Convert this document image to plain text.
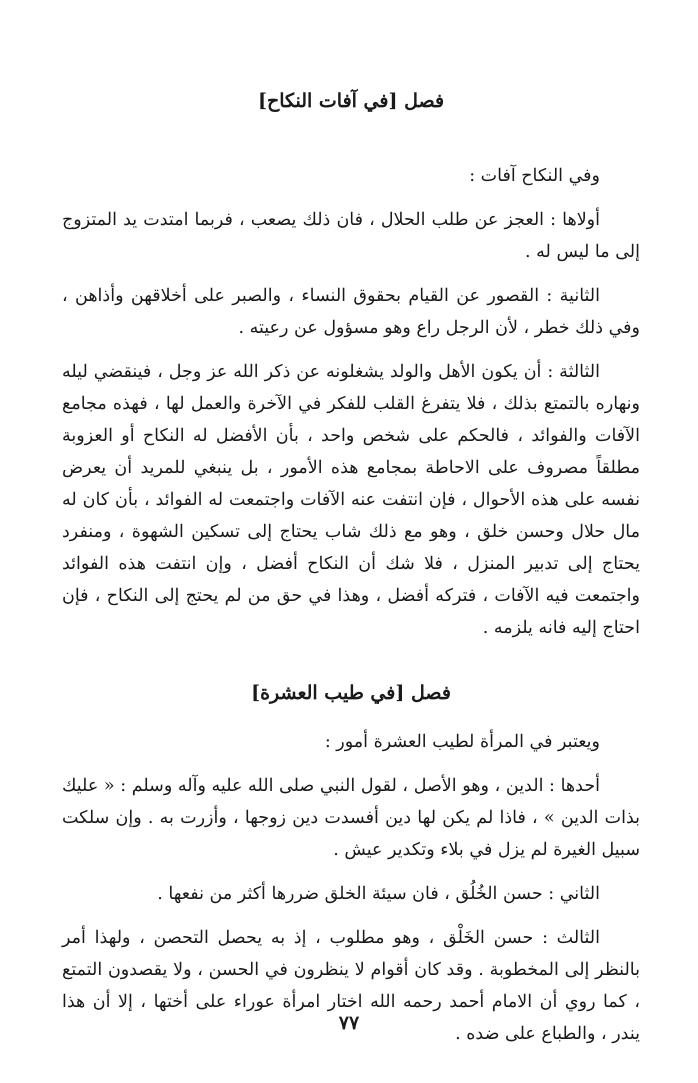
فصل [في آفات النكاح]

وفي النكاح آفات :

أولاها : العجز عن طلب الحلال ، فان ذلك يصعب ، فربما امتدت يد المتزوج إلى ما ليس له .

الثانية : القصور عن القيام بحقوق النساء ، والصبر على أخلاقهن وأذاهن ، وفي ذلك خطر ، لأن الرجل راع وهو مسؤول عن رعيته .

الثالثة : أن يكون الأهل والولد يشغلونه عن ذكر الله عز وجل ، فينقضي ليله ونهاره بالتمتع بذلك ، فلا يتفرغ القلب للفكر في الآخرة والعمل لها ، فهذه مجامع الآفات والفوائد ، فالحكم على شخص واحد ، بأن الأفضل له النكاح أو العزوبة مطلقاً مصروف على الاحاطة بمجامع هذه الأمور ، بل ينبغي للمريد أن يعرض نفسه على هذه الأحوال ، فإن انتفت عنه الآفات واجتمعت له الفوائد ، بأن كان له مال حلال وحسن خلق ، وهو مع ذلك شاب يحتاج إلى تسكين الشهوة ، ومنفرد يحتاج إلى تدبير المنزل ، فلا شك أن النكاح أفضل ، وإن انتفت هذه الفوائد واجتمعت فيه الآفات ، فتركه أفضل ، وهذا في حق من لم يحتج إلى النكاح ، فإن احتاج إليه فانه يلزمه .

فصل [في طيب العشرة]

ويعتبر في المرأة لطيب العشرة أمور :

أحدها : الدين ، وهو الأصل ، لقول النبي صلى الله عليه وآله وسلم : « عليك بذات الدين » ، فاذا لم يكن لها دين أفسدت دين زوجها ، وأزرت به . وإن سلكت سبيل الغيرة لم يزل في بلاء وتكدير عيش .

الثاني : حسن الخُلُق ، فان سيئة الخلق ضررها أكثر من نفعها .

الثالث : حسن الخَلْق ، وهو مطلوب ، إذ به يحصل التحصن ، ولهذا أمر بالنظر إلى المخطوبة . وقد كان أقوام لا ينظرون في الحسن ، ولا يقصدون التمتع ، كما روي أن الامام أحمد رحمه الله اختار امرأة عوراء على أختها ، إلا أن هذا يندر ، والطباع على ضده .

٧٧
